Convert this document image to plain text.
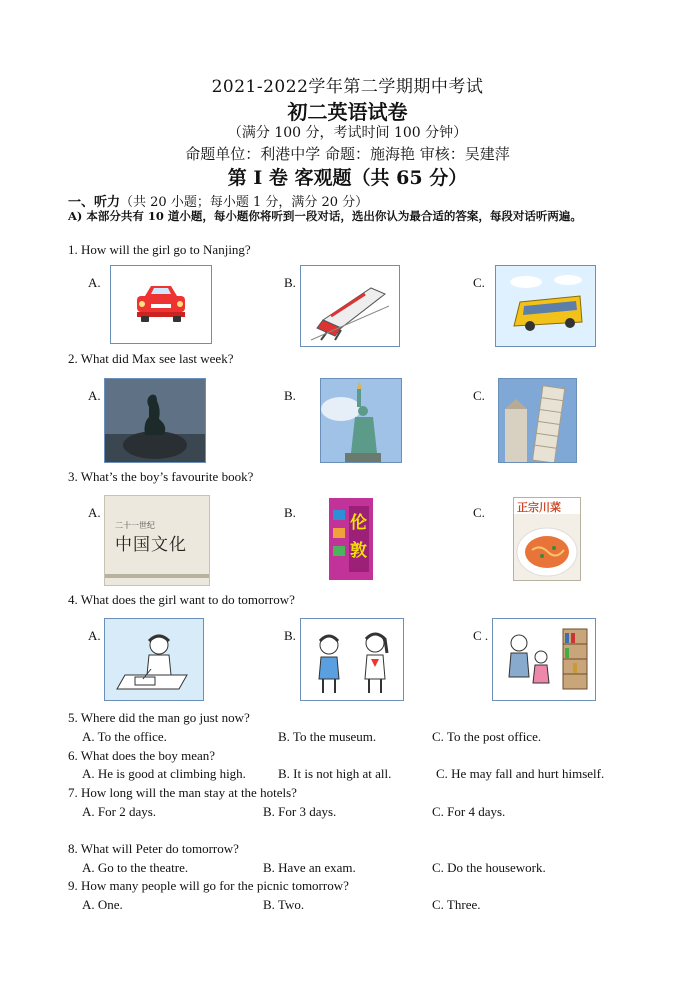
2021-2022学年第二学期期中考试
初二英语试卷
（满分 100 分，考试时间 100 分钟）
命题单位：利港中学 命题：施海艳 审核：吴建萍
第 I 卷 客观题（共 65 分）
一、听力（共 20 小题；每小题 1 分，满分 20 分）
A) 本部分共有 10 道小题，每小题你将听到一段对话，选出你认为最合适的答案，每段对话听两遍。
1. How will the girl go to Nanjing?
A.	B.	C.
2. What did Max see last week?
A.	B.	C.
3. What’s the boy’s favourite book?
A.	B.	C.
二十一世纪
中国文化
伦
敦
正宗川菜
4. What does the girl want to do tomorrow?
A.	B.	C .
5. Where did the man go just now?
A. To the office.	B. To the museum.	C. To the post office.
6. What does the boy mean?
A. He is good at climbing high. B. It is not high at all.	C. He may fall and hurt himself.
7. How long will the man stay at the hotels?
A. For 2 days.	B. For 3 days.	C. For 4 days.
8. What will Peter do tomorrow?
A. Go to the theatre.	B. Have an exam.	C. Do the housework.
9. How many people will go for the picnic tomorrow?
A. One.	B. Two.	C. Three.
